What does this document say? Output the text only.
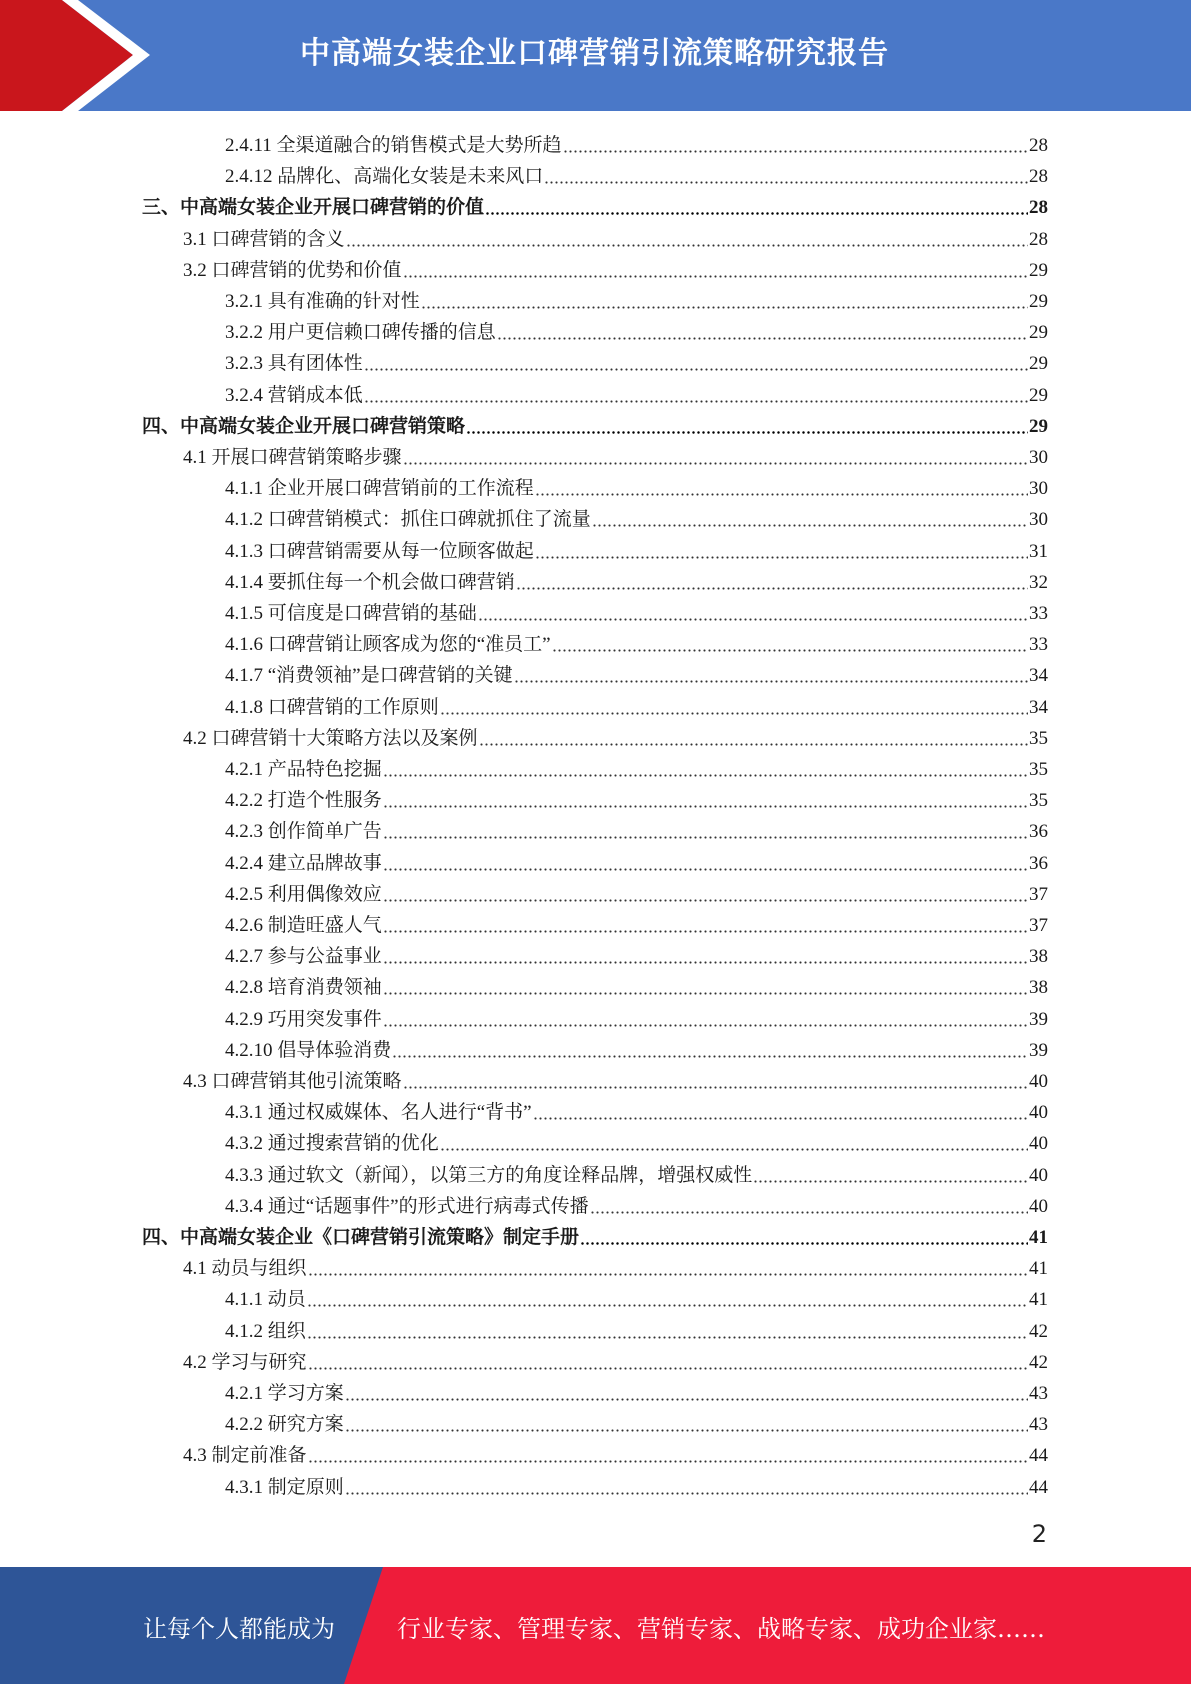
中高端女装企业口碑营销引流策略研究报告
2.4.11 全渠道融合的销售模式是大势所趋	28
2.4.12 品牌化、高端化女装是未来风口	28
三、中高端女装企业开展口碑营销的价值	28
3.1 口碑营销的含义	28
3.2 口碑营销的优势和价值	29
3.2.1 具有准确的针对性	29
3.2.2 用户更信赖口碑传播的信息	29
3.2.3 具有团体性	29
3.2.4 营销成本低	29
四、中高端女装企业开展口碑营销策略	29
4.1 开展口碑营销策略步骤	30
4.1.1 企业开展口碑营销前的工作流程	30
4.1.2 口碑营销模式：抓住口碑就抓住了流量	30
4.1.3 口碑营销需要从每一位顾客做起	31
4.1.4 要抓住每一个机会做口碑营销	32
4.1.5 可信度是口碑营销的基础	33
4.1.6 口碑营销让顾客成为您的“准员工”	33
4.1.7 “消费领袖”是口碑营销的关键	34
4.1.8 口碑营销的工作原则	34
4.2 口碑营销十大策略方法以及案例	35
4.2.1 产品特色挖掘	35
4.2.2 打造个性服务	35
4.2.3 创作简单广告	36
4.2.4 建立品牌故事	36
4.2.5 利用偶像效应	37
4.2.6 制造旺盛人气	37
4.2.7 参与公益事业	38
4.2.8 培育消费领袖	38
4.2.9 巧用突发事件	39
4.2.10 倡导体验消费	39
4.3 口碑营销其他引流策略	40
4.3.1 通过权威媒体、名人进行“背书”	40
4.3.2 通过搜索营销的优化	40
4.3.3 通过软文（新闻），以第三方的角度诠释品牌，增强权威性	40
4.3.4 通过“话题事件”的形式进行病毒式传播	40
四、中高端女装企业《口碑营销引流策略》制定手册	41
4.1 动员与组织	41
4.1.1 动员	41
4.1.2 组织	42
4.2 学习与研究	42
4.2.1 学习方案	43
4.2.2 研究方案	43
4.3 制定前准备	44
4.3.1 制定原则	44
2
让每个人都能成为	行业专家、管理专家、营销专家、战略专家、成功企业家……
